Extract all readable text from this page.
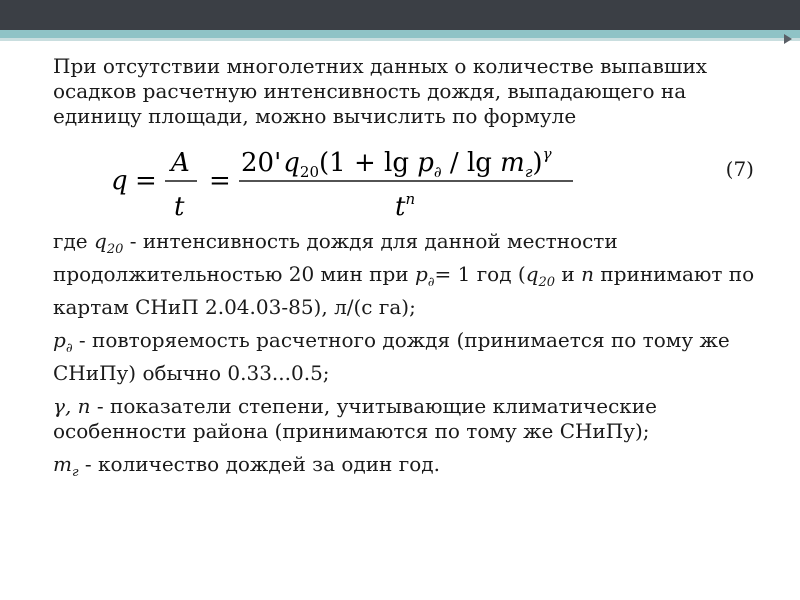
При отсутствии многолетних данных о количестве выпавших осадков расчетную интенсивность дождя, выпадающего на единицу площади, можно вычислить по формуле

q =
A
t
=
$20'q_{20}(1 + \lg p_\partial / \lg m_г)^\gamma$
$t^n$
(7)

где $q_{20}$ - интенсивность дождя для данной местности продолжительностью 20 мин при $p_\partial= 1$ год ($q_{20}$ и n принимают по картам СНиП 2.04.03-85), л/(с га);

$p_\partial$ - повторяемость расчетного дождя (принимается по тому же СНиПу) обычно 0.33...0.5;

γ, n - показатели степени, учитывающие климатические особенности района (принимаются по тому же СНиПу);

$m_г$ - количество дождей за один год.
